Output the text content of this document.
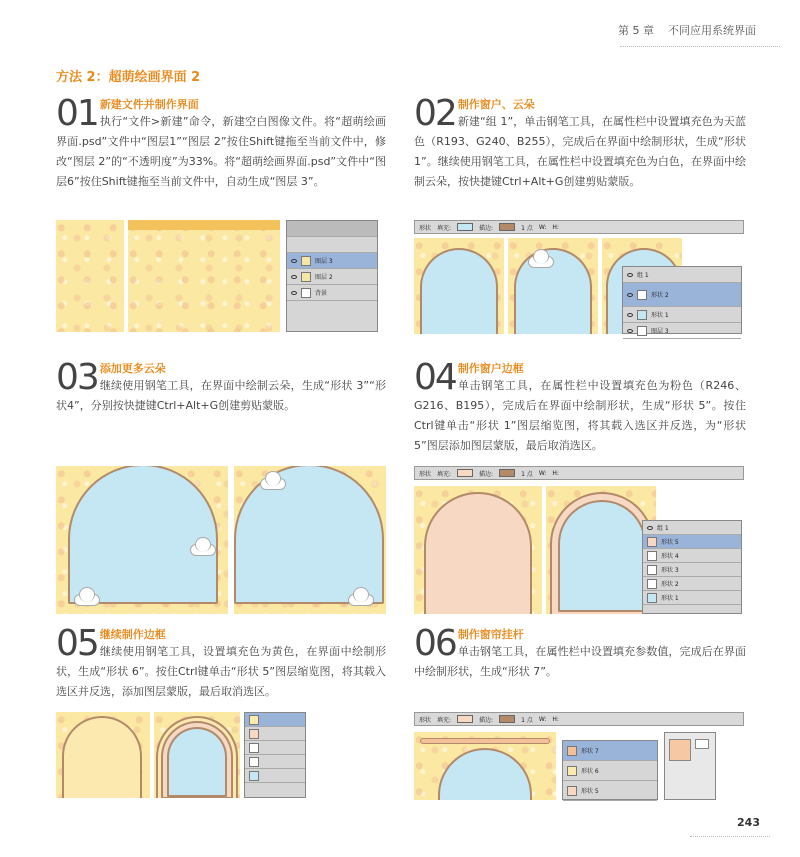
第 5 章 不同应用系统界面
方法 2：超萌绘画界面 2
01 新建文件并制作界面

执行“文件>新建”命令，新建空白图像文件。将“超萌绘画界面.psd”文件中“图层1”“图层 2”按住Shift键拖至当前文件中，修改“图层 2”的“不透明度”为33%。将“超萌绘画界面.psd”文件中“图层6”按住Shift键拖至当前文件中，自动生成“图层 3”。

02 制作窗户、云朵

新建“组 1”，单击钢笔工具，在属性栏中设置填充色为天蓝色（R193、G240、B255），完成后在界面中绘制形状，生成“形状 1”。继续使用钢笔工具，在属性栏中设置填充色为白色，在界面中绘制云朵，按快捷键Ctrl+Alt+G创建剪贴蒙版。

图层 3
图层 2
背景
形状 填充:	描边:	1 点 W: H:
组 1
形状 2
形状 1
图层 3
03 添加更多云朵

继续使用钢笔工具，在界面中绘制云朵，生成“形状 3”“形状4”，分别按快捷键Ctrl+Alt+G创建剪贴蒙版。

04 制作窗户边框

单击钢笔工具，在属性栏中设置填充色为粉色（R246、G216、B195），完成后在界面中绘制形状，生成“形状 5”。按住Ctrl键单击“形状 1”图层缩览图，将其载入选区并反选，为“形状 5”图层添加图层蒙版，最后取消选区。

形状 填充:	描边:	1 点 W: H:
组 1
形状 5
形状 4
形状 3
形状 2
形状 1
05 继续制作边框

继续使用钢笔工具，设置填充色为黄色，在界面中绘制形状，生成“形状 6”。按住Ctrl键单击“形状 5”图层缩览图，将其载入选区并反选，添加图层蒙版，最后取消选区。

06 制作窗帘挂杆

单击钢笔工具，在属性栏中设置填充参数值，完成后在界面中绘制形状，生成“形状 7”。

形状 填充:	描边:	1 点 W: H:
形状 7
形状 6
形状 5
243
